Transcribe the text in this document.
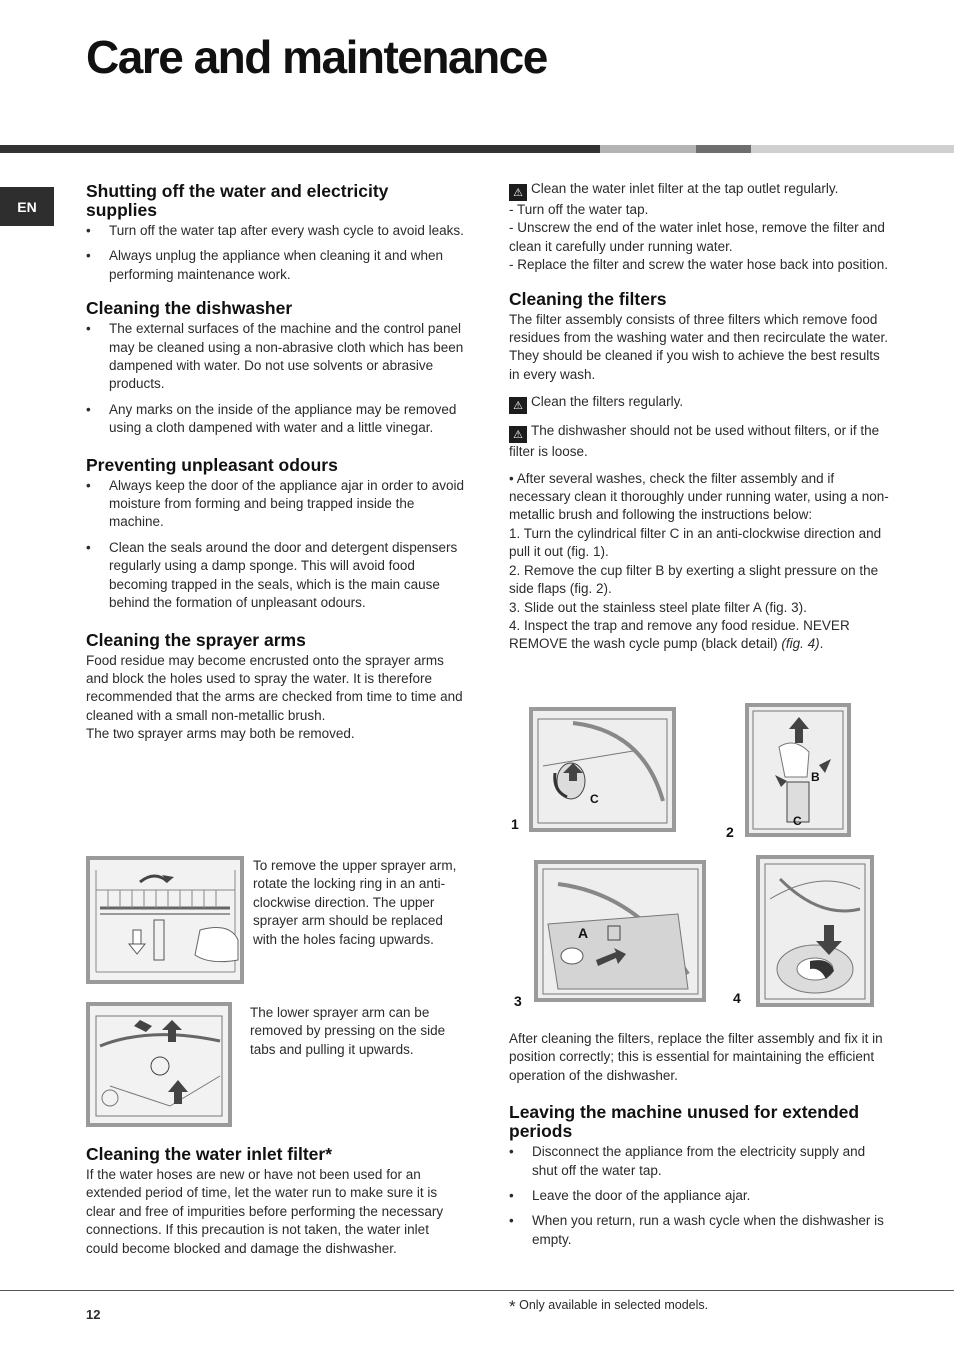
Care and maintenance
EN
Shutting off the water and electricity supplies
• Turn off the water tap after every wash cycle to avoid leaks.
• Always unplug the appliance when cleaning it and when performing maintenance work.
Cleaning the dishwasher
• The external surfaces of the machine and the control panel may be cleaned using a non-abrasive cloth which has been dampened with water. Do not use solvents or abrasive products.
• Any marks on the inside of the appliance may be removed using a cloth dampened with water and a little vinegar.
Preventing unpleasant odours
• Always keep the door of the appliance ajar in order to avoid moisture from forming and being trapped inside the machine.
• Clean the seals around the door and detergent dispensers regularly using a damp sponge. This will avoid food becoming trapped in the seals, which is the main cause behind the formation of unpleasant odours.
Cleaning the sprayer arms

Food residue may become encrusted onto the sprayer arms and block the holes used to spray the water. It is therefore recommended that the arms are checked from time to time and cleaned with a small non-metallic brush.

The two sprayer arms may both be removed.

To remove the upper sprayer arm, rotate the locking ring in an anti-clockwise direction. The upper sprayer arm should be replaced with the holes facing upwards.
The lower sprayer arm can be removed by pressing on the side tabs and pulling it upwards.
Cleaning the water inlet filter*

If the water hoses are new or have not been used for an extended period of time, let the water run to make sure it is clear and free of impurities before performing the necessary connections. If this precaution is not taken, the water inlet could become blocked and damage the dishwasher.

⚠ Clean the water inlet filter at the tap outlet regularly.

- Turn off the water tap.

- Unscrew the end of the water inlet hose, remove the filter and clean it carefully under running water.

- Replace the filter and screw the water hose back into position.

Cleaning the filters

The filter assembly consists of three filters which remove food residues from the washing water and then recirculate the water. They should be cleaned if you wish to achieve the best results in every wash.

⚠ Clean the filters regularly.

⚠ The dishwasher should not be used without filters, or if the filter is loose.

• After several washes, check the filter assembly and if necessary clean it thoroughly under running water, using a non-metallic brush and following the instructions below:

1. Turn the cylindrical filter C in an anti-clockwise direction and pull it out (fig. 1).

2. Remove the cup filter B by exerting a slight pressure on the side flaps (fig. 2).

3. Slide out the stainless steel plate filter A (fig. 3).

4. Inspect the trap and remove any food residue. NEVER REMOVE the wash cycle pump (black detail) (fig. 4).

C
1
B
C
2
A
3	4

After cleaning the filters, replace the filter assembly and fix it in position correctly; this is essential for maintaining the efficient operation of the dishwasher.

Leaving the machine unused for extended periods
• Disconnect the appliance from the electricity supply and shut off the water tap.
• Leave the door of the appliance ajar.
• When you return, run a wash cycle when the dishwasher is empty.
12	* Only available in selected models.
